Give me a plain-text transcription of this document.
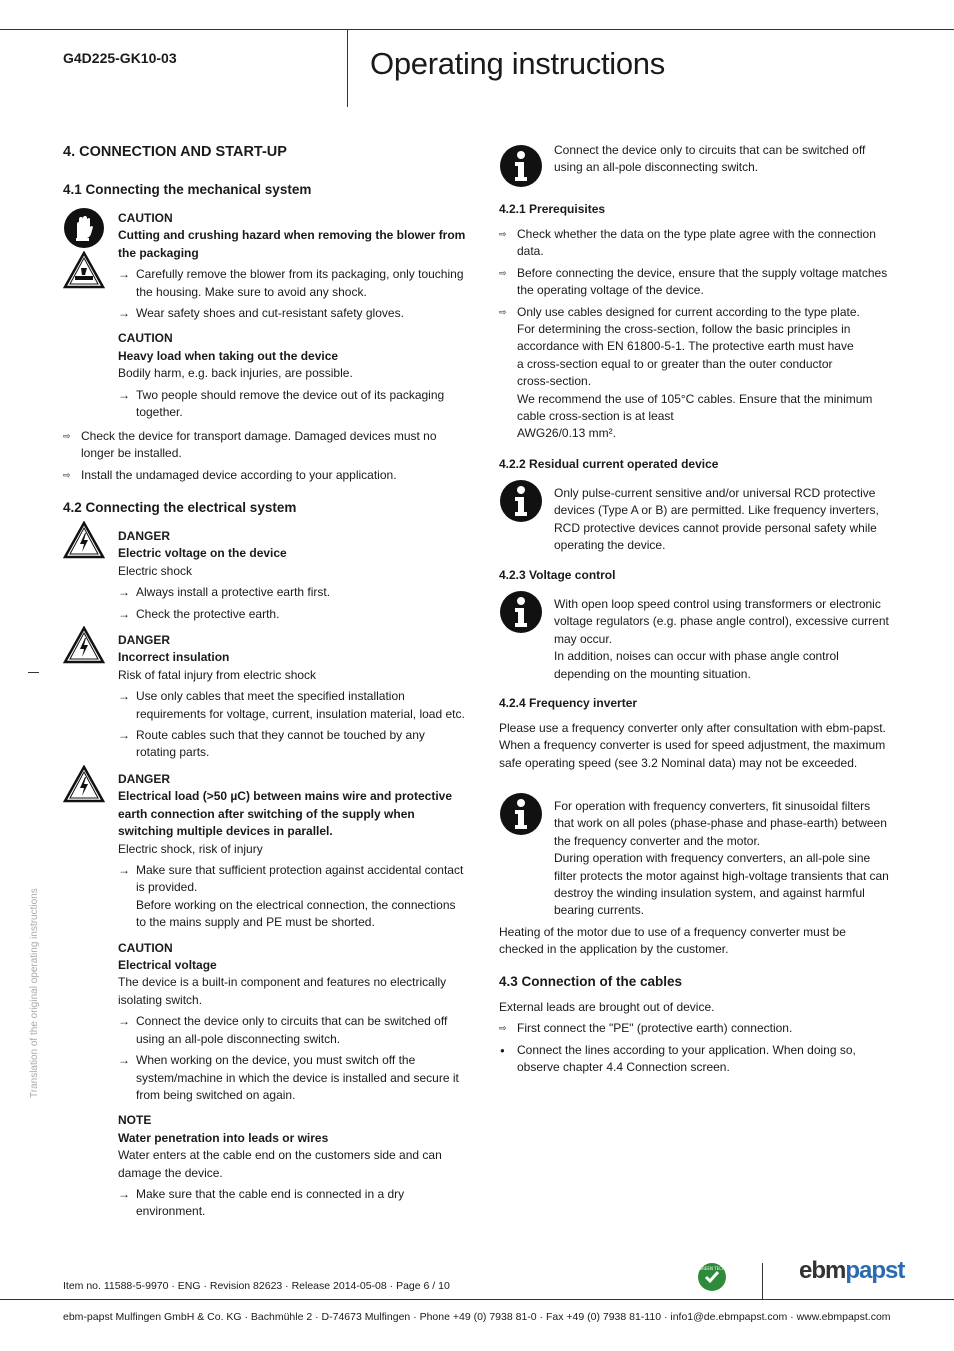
G4D225-GK10-03	Operating instructions
Translation of the original operating instructions
4. CONNECTION AND START-UP
4.1 Connecting the mechanical system

CAUTION

Cutting and crushing hazard when removing the blower from the packaging

→ Carefully remove the blower from its packaging, only touching the housing. Make sure to avoid any shock.

→ Wear safety shoes and cut-resistant safety gloves.

CAUTION

Heavy load when taking out the device

Bodily harm, e.g. back injuries, are possible.

→ Two people should remove the device out of its packaging together.

⇨ Check the device for transport damage. Damaged devices must no longer be installed.

⇨ Install the undamaged device according to your application.

4.2 Connecting the electrical system

DANGER

Electric voltage on the device

Electric shock

→ Always install a protective earth first.

→ Check the protective earth.

DANGER

Incorrect insulation

Risk of fatal injury from electric shock

→ Use only cables that meet the specified installation requirements for voltage, current, insulation material, load etc.

→ Route cables such that they cannot be touched by any rotating parts.

DANGER

Electrical load (>50 µC) between mains wire and protective earth connection after switching of the supply when switching multiple devices in parallel.

Electric shock, risk of injury

→ Make sure that sufficient protection against accidental contact is provided.

Before working on the electrical connection, the connections to the mains supply and PE must be shorted.

CAUTION

Electrical voltage

The device is a built-in component and features no electrically isolating switch.

→ Connect the device only to circuits that can be switched off using an all-pole disconnecting switch.

→ When working on the device, you must switch off the system/machine in which the device is installed and secure it from being switched on again.

NOTE

Water penetration into leads or wires

Water enters at the cable end on the customers side and can damage the device.

→ Make sure that the cable end is connected in a dry environment.

Connect the device only to circuits that can be switched off using an all-pole disconnecting switch.
4.2.1 Prerequisites

⇨ Check whether the data on the type plate agree with the connection data.

⇨ Before connecting the device, ensure that the supply voltage matches the operating voltage of the device.

⇨ Only use cables designed for current according to the type plate.

For determining the cross-section, follow the basic principles in accordance with EN 61800-5-1. The protective earth must have a cross-section equal to or greater than the outer conductor cross-section.

We recommend the use of 105°C cables. Ensure that the minimum cable cross-section is at least

AWG26/0.13 mm².

4.2.2 Residual current operated device
Only pulse-current sensitive and/or universal RCD protective devices (Type A or B) are permitted. Like frequency inverters, RCD protective devices cannot provide personal safety while operating the device.
4.2.3 Voltage control

With open loop speed control using transformers or electronic voltage regulators (e.g. phase angle control), excessive current may occur.

In addition, noises can occur with phase angle control depending on the mounting situation.

4.2.4 Frequency inverter
Please use a frequency converter only after consultation with ebm-papst. When a frequency converter is used for speed adjustment, the maximum safe operating speed (see 3.2 Nominal data) may not be exceeded.

For operation with frequency converters, fit sinusoidal filters that work on all poles (phase-phase and phase-earth) between the frequency converter and the motor.

During operation with frequency converters, an all-pole sine filter protects the motor against high-voltage transients that can destroy the winding insulation system, and against harmful bearing currents.

Heating of the motor due to use of a frequency converter must be checked in the application by the customer.
4.3 Connection of the cables

External leads are brought out of device.

⇨ First connect the "PE" (protective earth) connection.

● Connect the lines according to your application. When doing so, observe chapter 4.4 Connection screen.

Item no. 11588-5-9970 · ENG · Revision 82623 · Release 2014-05-08 · Page 6 / 10
GREEN TECH	ebmpapst
ebm-papst Mulfingen GmbH & Co. KG · Bachmühle 2 · D-74673 Mulfingen · Phone +49 (0) 7938 81-0 · Fax +49 (0) 7938 81-110 · info1@de.ebmpapst.com · www.ebmpapst.com
